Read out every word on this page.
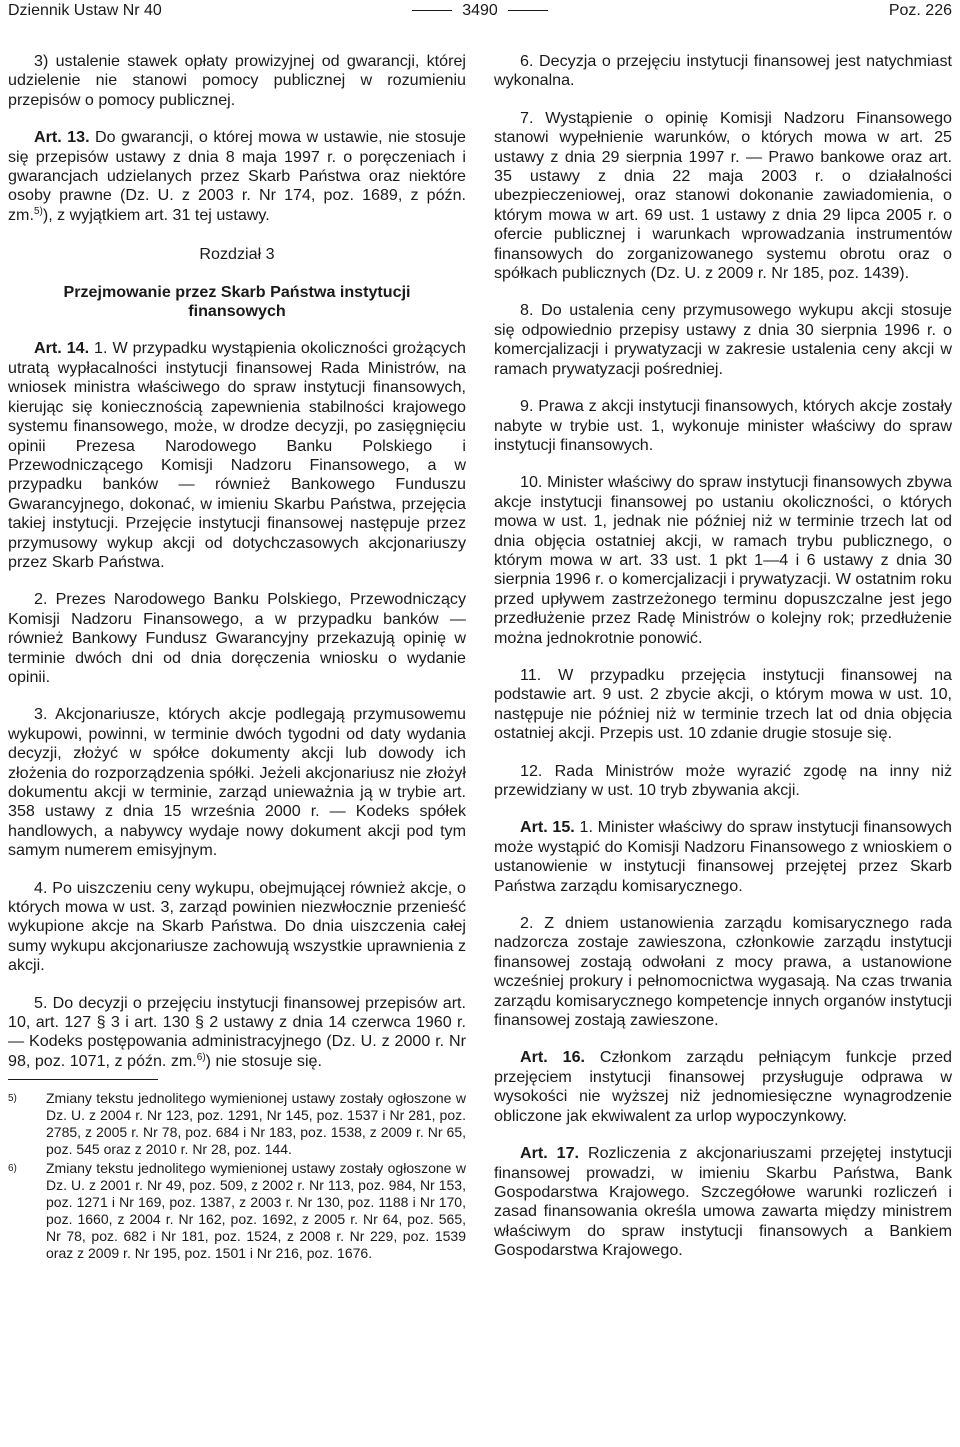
Dziennik Ustaw Nr 40	3490	Poz. 226

3) ustalenie stawek opłaty prowizyjnej od gwarancji, której udzielenie nie stanowi pomocy publicznej w rozumieniu przepisów o pomocy publicznej.

Art. 13. Do gwarancji, o której mowa w ustawie, nie stosuje się przepisów ustawy z dnia 8 maja 1997 r. o poręczeniach i gwarancjach udzielanych przez Skarb Państwa oraz niektóre osoby prawne (Dz. U. z 2003 r. Nr 174, poz. 1689, z późn. zm.$^{5)}$), z wyjątkiem art. 31 tej ustawy.

Rozdział 3
Przejmowanie przez Skarb Państwa instytucji finansowych

Art. 14. 1. W przypadku wystąpienia okoliczności grożących utratą wypłacalności instytucji finansowej Rada Ministrów, na wniosek ministra właściwego do spraw instytucji finansowych, kierując się koniecznością zapewnienia stabilności krajowego systemu finansowego, może, w drodze decyzji, po zasięgnięciu opinii Prezesa Narodowego Banku Polskiego i Przewodniczącego Komisji Nadzoru Finansowego, a w przypadku banków — również Bankowego Funduszu Gwarancyjnego, dokonać, w imieniu Skarbu Państwa, przejęcia takiej instytucji. Przejęcie instytucji finansowej następuje przez przymusowy wykup akcji od dotychczasowych akcjonariuszy przez Skarb Państwa.

2. Prezes Narodowego Banku Polskiego, Przewodniczący Komisji Nadzoru Finansowego, a w przypadku banków — również Bankowy Fundusz Gwarancyjny przekazują opinię w terminie dwóch dni od dnia doręczenia wniosku o wydanie opinii.

3. Akcjonariusze, których akcje podlegają przymusowemu wykupowi, powinni, w terminie dwóch tygodni od daty wydania decyzji, złożyć w spółce dokumenty akcji lub dowody ich złożenia do rozporządzenia spółki. Jeżeli akcjonariusz nie złożył dokumentu akcji w terminie, zarząd unieważnia ją w trybie art. 358 ustawy z dnia 15 września 2000 r. — Kodeks spółek handlowych, a nabywcy wydaje nowy dokument akcji pod tym samym numerem emisyjnym.

4. Po uiszczeniu ceny wykupu, obejmującej również akcje, o których mowa w ust. 3, zarząd powinien niezwłocznie przenieść wykupione akcje na Skarb Państwa. Do dnia uiszczenia całej sumy wykupu akcjonariusze zachowują wszystkie uprawnienia z akcji.

5. Do decyzji o przejęciu instytucji finansowej przepisów art. 10, art. 127 § 3 i art. 130 § 2 ustawy z dnia 14 czerwca 1960 r. — Kodeks postępowania administracyjnego (Dz. U. z 2000 r. Nr 98, poz. 1071, z późn. zm.$^{6)}$) nie stosuje się.

5) Zmiany tekstu jednolitego wymienionej ustawy zostały ogłoszone w Dz. U. z 2004 r. Nr 123, poz. 1291, Nr 145, poz. 1537 i Nr 281, poz. 2785, z 2005 r. Nr 78, poz. 684 i Nr 183, poz. 1538, z 2009 r. Nr 65, poz. 545 oraz z 2010 r. Nr 28, poz. 144.
6) Zmiany tekstu jednolitego wymienionej ustawy zostały ogłoszone w Dz. U. z 2001 r. Nr 49, poz. 509, z 2002 r. Nr 113, poz. 984, Nr 153, poz. 1271 i Nr 169, poz. 1387, z 2003 r. Nr 130, poz. 1188 i Nr 170, poz. 1660, z 2004 r. Nr 162, poz. 1692, z 2005 r. Nr 64, poz. 565, Nr 78, poz. 682 i Nr 181, poz. 1524, z 2008 r. Nr 229, poz. 1539 oraz z 2009 r. Nr 195, poz. 1501 i Nr 216, poz. 1676.

6. Decyzja o przejęciu instytucji finansowej jest natychmiast wykonalna.

7. Wystąpienie o opinię Komisji Nadzoru Finansowego stanowi wypełnienie warunków, o których mowa w art. 25 ustawy z dnia 29 sierpnia 1997 r. — Prawo bankowe oraz art. 35 ustawy z dnia 22 maja 2003 r. o działalności ubezpieczeniowej, oraz stanowi dokonanie zawiadomienia, o którym mowa w art. 69 ust. 1 ustawy z dnia 29 lipca 2005 r. o ofercie publicznej i warunkach wprowadzania instrumentów finansowych do zorganizowanego systemu obrotu oraz o spółkach publicznych (Dz. U. z 2009 r. Nr 185, poz. 1439).

8. Do ustalenia ceny przymusowego wykupu akcji stosuje się odpowiednio przepisy ustawy z dnia 30 sierpnia 1996 r. o komercjalizacji i prywatyzacji w zakresie ustalenia ceny akcji w ramach prywatyzacji pośredniej.

9. Prawa z akcji instytucji finansowych, których akcje zostały nabyte w trybie ust. 1, wykonuje minister właściwy do spraw instytucji finansowych.

10. Minister właściwy do spraw instytucji finansowych zbywa akcje instytucji finansowej po ustaniu okoliczności, o których mowa w ust. 1, jednak nie później niż w terminie trzech lat od dnia objęcia ostatniej akcji, w ramach trybu publicznego, o którym mowa w art. 33 ust. 1 pkt 1—4 i 6 ustawy z dnia 30 sierpnia 1996 r. o komercjalizacji i prywatyzacji. W ostatnim roku przed upływem zastrzeżonego terminu dopuszczalne jest jego przedłużenie przez Radę Ministrów o kolejny rok; przedłużenie można jednokrotnie ponowić.

11. W przypadku przejęcia instytucji finansowej na podstawie art. 9 ust. 2 zbycie akcji, o którym mowa w ust. 10, następuje nie później niż w terminie trzech lat od dnia objęcia ostatniej akcji. Przepis ust. 10 zdanie drugie stosuje się.

12. Rada Ministrów może wyrazić zgodę na inny niż przewidziany w ust. 10 tryb zbywania akcji.

Art. 15. 1. Minister właściwy do spraw instytucji finansowych może wystąpić do Komisji Nadzoru Finansowego z wnioskiem o ustanowienie w instytucji finansowej przejętej przez Skarb Państwa zarządu komisarycznego.

2. Z dniem ustanowienia zarządu komisarycznego rada nadzorcza zostaje zawieszona, członkowie zarządu instytucji finansowej zostają odwołani z mocy prawa, a ustanowione wcześniej prokury i pełnomocnictwa wygasają. Na czas trwania zarządu komisarycznego kompetencje innych organów instytucji finansowej zostają zawieszone.

Art. 16. Członkom zarządu pełniącym funkcje przed przejęciem instytucji finansowej przysługuje odprawa w wysokości nie wyższej niż jednomiesięczne wynagrodzenie obliczone jak ekwiwalent za urlop wypoczynkowy.

Art. 17. Rozliczenia z akcjonariuszami przejętej instytucji finansowej prowadzi, w imieniu Skarbu Państwa, Bank Gospodarstwa Krajowego. Szczegółowe warunki rozliczeń i zasad finansowania określa umowa zawarta między ministrem właściwym do spraw instytucji finansowych a Bankiem Gospodarstwa Krajowego.
